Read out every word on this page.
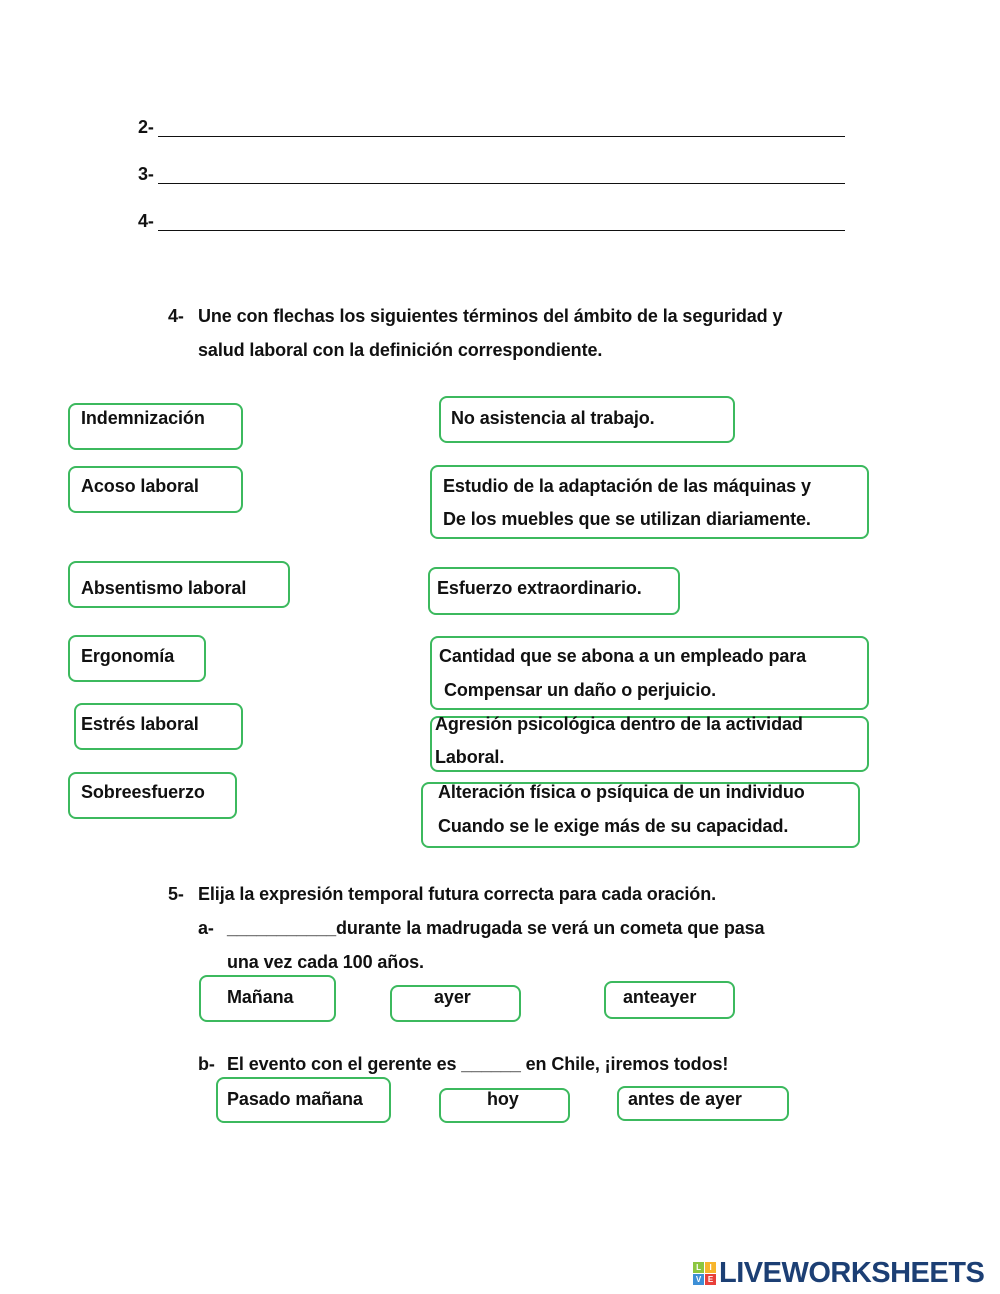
2-
3-
4-
4- Une con flechas los siguientes términos del ámbito de la seguridad y
salud laboral con la definición correspondiente.
Indemnización
Acoso laboral
Absentismo laboral
Ergonomía
Estrés laboral
Sobreesfuerzo
No asistencia al trabajo.
Estudio de la adaptación de las máquinas y
De los muebles que se utilizan diariamente.
Esfuerzo extraordinario.
Cantidad que se abona a un empleado para
Compensar un daño o perjuicio.
Agresión psicológica dentro de la actividad
Laboral.
Alteración física o psíquica de un individuo
Cuando se le exige más de su capacidad.
5- Elija la expresión temporal futura correcta para cada oración.
a- ___________durante la madrugada se verá un cometa que pasa
una vez cada 100 años.
Mañana	ayer	anteayer
b- El evento con el gerente es ______ en Chile, ¡iremos todos!
Pasado mañana	hoy	antes de ayer
L	I
V E LIVEWORKSHEETS
